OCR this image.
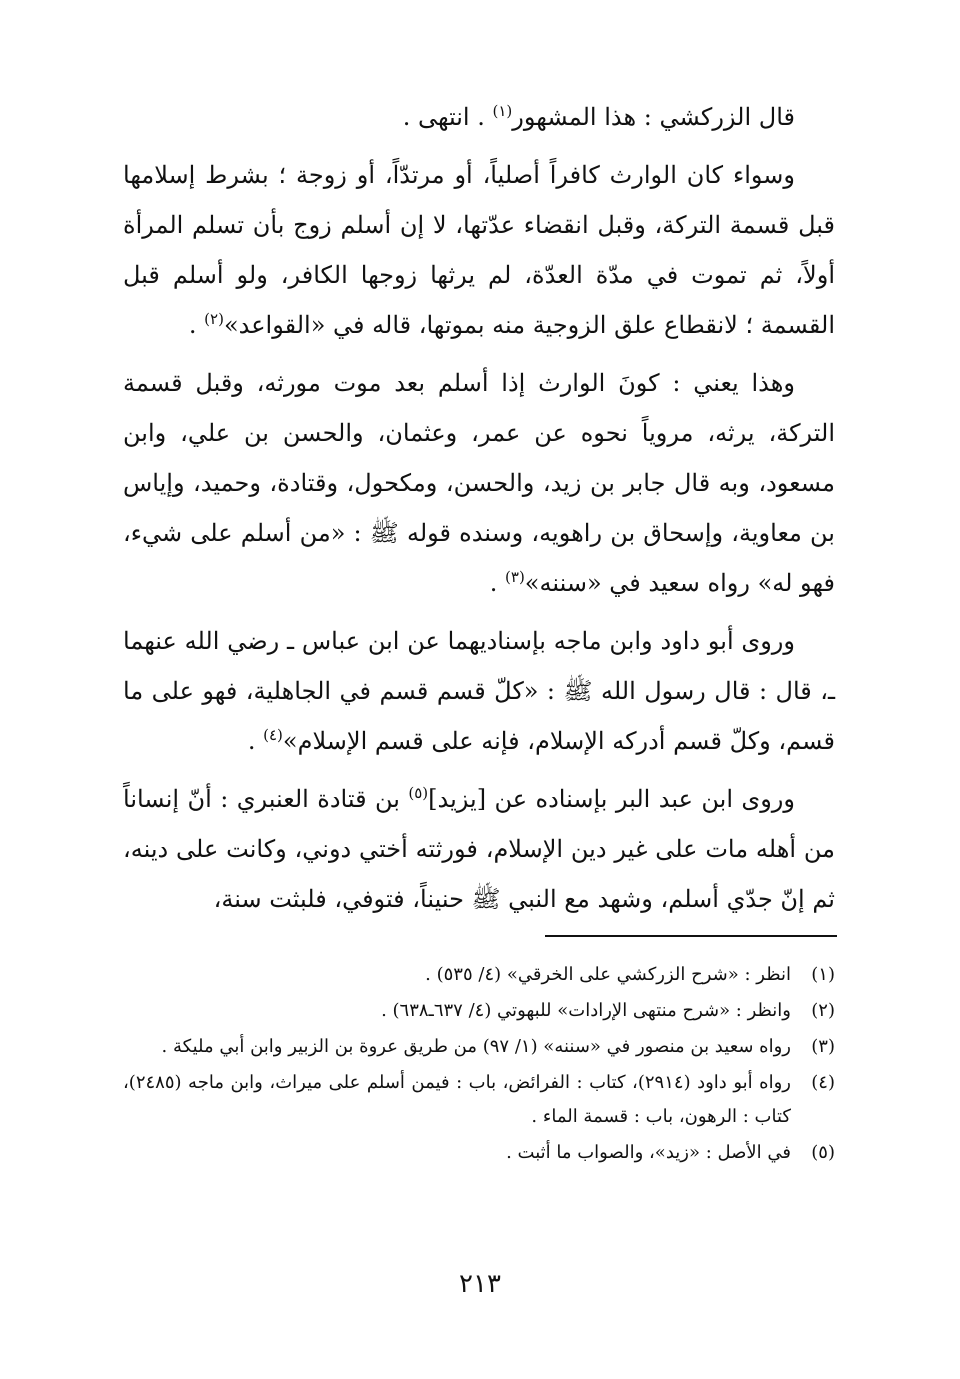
قال الزركشي : هذا المشهور$^{(١)}$ . انتهى .

وسواء كان الوارث كافراً أصلياً، أو مرتدّاً، أو زوجة ؛ بشرط إسلامها قبل قسمة التركة، وقبل انقضاء عدّتها، لا إن أسلم زوج بأن تسلم المرأة أولاً، ثم تموت في مدّة العدّة، لم يرثها زوجها الكافر، ولو أسلم قبل القسمة ؛ لانقطاع علق الزوجية منه بموتها، قاله في «القواعد»$^{(٢)}$ .

وهذا يعني : كونَ الوارث إذا أسلم بعد موت مورثه، وقبل قسمة التركة، يرثه، مروياً نحوه عن عمر، وعثمان، والحسن بن علي، وابن مسعود، وبه قال جابر بن زيد، والحسن، ومكحول، وقتادة، وحميد، وإياس بن معاوية، وإسحاق بن راهويه، وسنده قوله ﷺ : «من أسلم على شيء، فهو له» رواه سعيد في «سننه»$^{(٣)}$ .

وروى أبو داود وابن ماجه بإسناديهما عن ابن عباس ـ رضي الله عنهما ـ، قال : قال رسول الله ﷺ : «كلّ قسم قسم في الجاهلية، فهو على ما قسم، وكلّ قسم أدركه الإسلام، فإنه على قسم الإسلام»$^{(٤)}$ .

وروى ابن عبد البر بإسناده عن [يزيد]$^{(٥)}$ بن قتادة العنبري : أنّ إنساناً من أهله مات على غير دين الإسلام، فورثته أختي دوني، وكانت على دينه، ثم إنّ جدّي أسلم، وشهد مع النبي ﷺ حنيناً، فتوفي، فلبثت سنة،

(١)
انظر : «شرح الزركشي على الخرقي» (٤/ ٥٣٥) .
(٢)
وانظر : «شرح منتهى الإرادات» للبهوتي (٤/ ٦٣٧ـ٦٣٨) .
(٣)
رواه سعيد بن منصور في «سننه» (١/ ٩٧) من طريق عروة بن الزبير وابن أبي مليكة .
(٤)
رواه أبو داود (٢٩١٤)، كتاب : الفرائض، باب : فيمن أسلم على ميراث، وابن ماجه (٢٤٨٥)، كتاب : الرهون، باب : قسمة الماء .
(٥)
في الأصل : «زيد»، والصواب ما أثبت .
٢١٣
